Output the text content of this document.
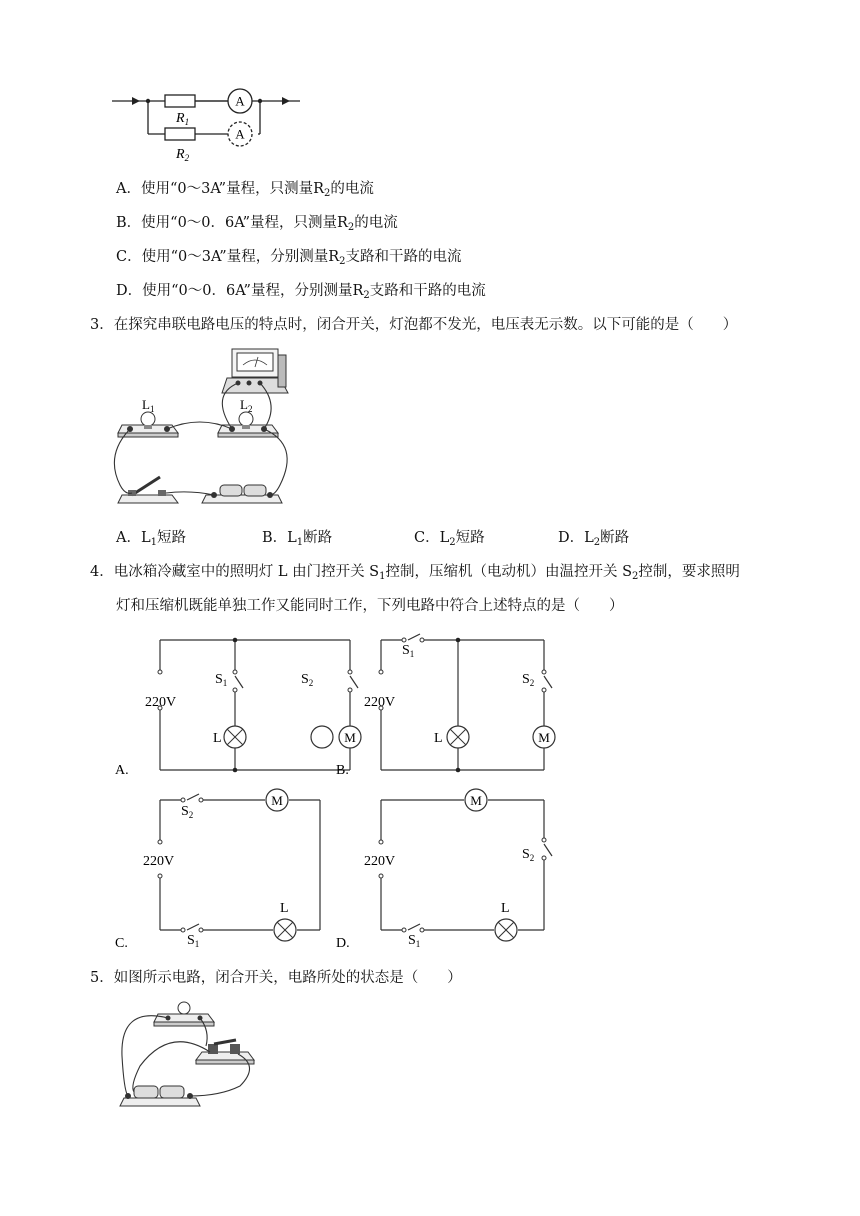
A
A
$R_1$
$R_2$
A．使用“0～3A”量程，只测量$R_2$的电流
B．使用“0～0．6A”量程，只测量$R_2$的电流
C．使用“0～3A”量程，分别测量$R_2$支路和干路的电流
D．使用“0～0．6A”量程，分别测量$R_2$支路和干路的电流
3．在探究串联电路电压的特点时，闭合开关，灯泡都不发光，电压表无示数。以下可能的是（　　）
$L_1$	$L_2$
A．$L_1$短路	B．$L_1$断路	C．$L_2$短路	D．$L_2$断路
4．电冰箱冷藏室中的照明灯 L 由门控开关 $S_1$控制，压缩机（电动机）由温控开关 $S_2$控制，要求照明
灯和压缩机既能单独工作又能同时工作，下列电路中符合上述特点的是（　　）
M
L
220V
$S_1$	$S_2$
A.
M
L
220V
$S_1$
$S_2$
B.
M
L
220V
$S_2$
$S_1$
C.
M
L
220V	$S_2$
$S_1$
D.
5．如图所示电路，闭合开关，电路所处的状态是（　　）
